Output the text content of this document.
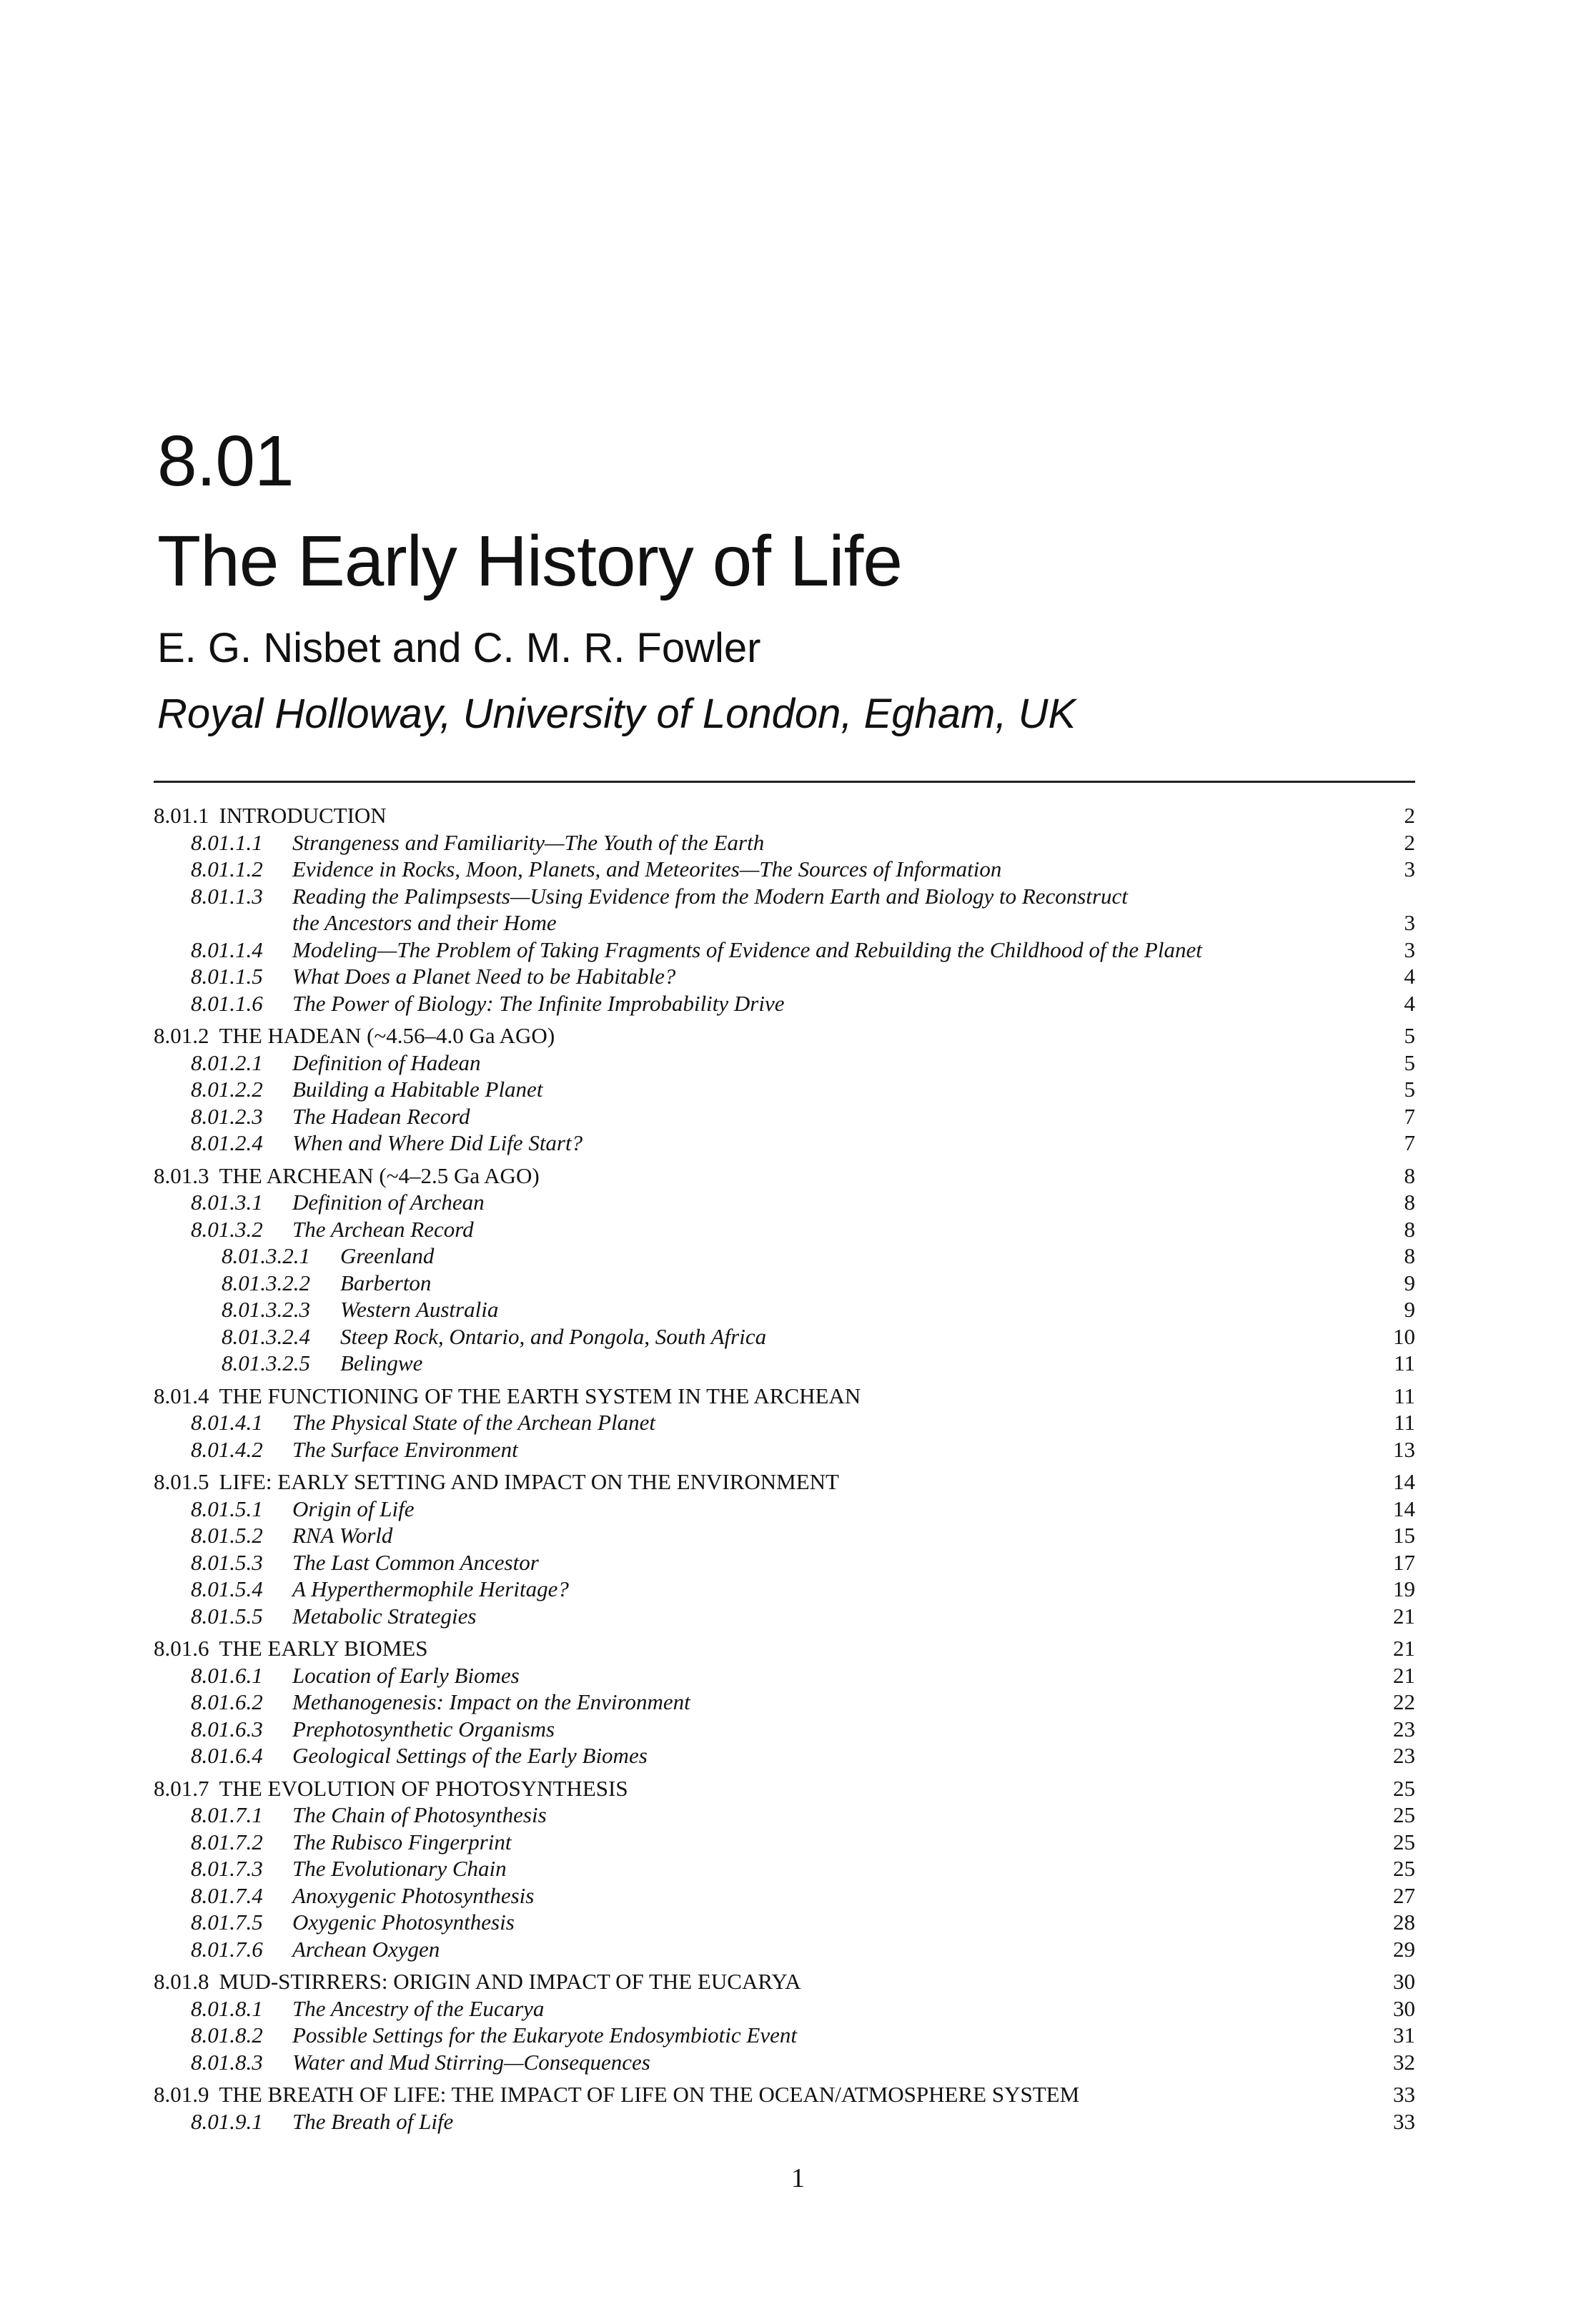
8.01
The Early History of Life
E. G. Nisbet and C. M. R. Fowler
Royal Holloway, University of London, Egham, UK
8.01.1 INTRODUCTION	2
8.01.1.1 Strangeness and Familiarity—The Youth of the Earth	2
8.01.1.2 Evidence in Rocks, Moon, Planets, and Meteorites—The Sources of Information	3
8.01.1.3 Reading the Palimpsests—Using Evidence from the Modern Earth and Biology to Reconstruct
the Ancestors and their Home	3
8.01.1.4 Modeling—The Problem of Taking Fragments of Evidence and Rebuilding the Childhood of the Planet	3
8.01.1.5 What Does a Planet Need to be Habitable?	4
8.01.1.6 The Power of Biology: The Infinite Improbability Drive	4
8.01.2 THE HADEAN (~4.56–4.0 Ga AGO)	5
8.01.2.1 Definition of Hadean	5
8.01.2.2 Building a Habitable Planet	5
8.01.2.3 The Hadean Record	7
8.01.2.4 When and Where Did Life Start?	7
8.01.3 THE ARCHEAN (~4–2.5 Ga AGO)	8
8.01.3.1 Definition of Archean	8
8.01.3.2 The Archean Record	8
8.01.3.2.1 Greenland	8
8.01.3.2.2 Barberton	9
8.01.3.2.3 Western Australia	9
8.01.3.2.4 Steep Rock, Ontario, and Pongola, South Africa	10
8.01.3.2.5 Belingwe	11
8.01.4 THE FUNCTIONING OF THE EARTH SYSTEM IN THE ARCHEAN	11
8.01.4.1 The Physical State of the Archean Planet	11
8.01.4.2 The Surface Environment	13
8.01.5 LIFE: EARLY SETTING AND IMPACT ON THE ENVIRONMENT	14
8.01.5.1 Origin of Life	14
8.01.5.2 RNA World	15
8.01.5.3 The Last Common Ancestor	17
8.01.5.4 A Hyperthermophile Heritage?	19
8.01.5.5 Metabolic Strategies	21
8.01.6 THE EARLY BIOMES	21
8.01.6.1 Location of Early Biomes	21
8.01.6.2 Methanogenesis: Impact on the Environment	22
8.01.6.3 Prephotosynthetic Organisms	23
8.01.6.4 Geological Settings of the Early Biomes	23
8.01.7 THE EVOLUTION OF PHOTOSYNTHESIS	25
8.01.7.1 The Chain of Photosynthesis	25
8.01.7.2 The Rubisco Fingerprint	25
8.01.7.3 The Evolutionary Chain	25
8.01.7.4 Anoxygenic Photosynthesis	27
8.01.7.5 Oxygenic Photosynthesis	28
8.01.7.6 Archean Oxygen	29
8.01.8 MUD-STIRRERS: ORIGIN AND IMPACT OF THE EUCARYA	30
8.01.8.1 The Ancestry of the Eucarya	30
8.01.8.2 Possible Settings for the Eukaryote Endosymbiotic Event	31
8.01.8.3 Water and Mud Stirring—Consequences	32
8.01.9 THE BREATH OF LIFE: THE IMPACT OF LIFE ON THE OCEAN/ATMOSPHERE SYSTEM	33
8.01.9.1 The Breath of Life	33
1
